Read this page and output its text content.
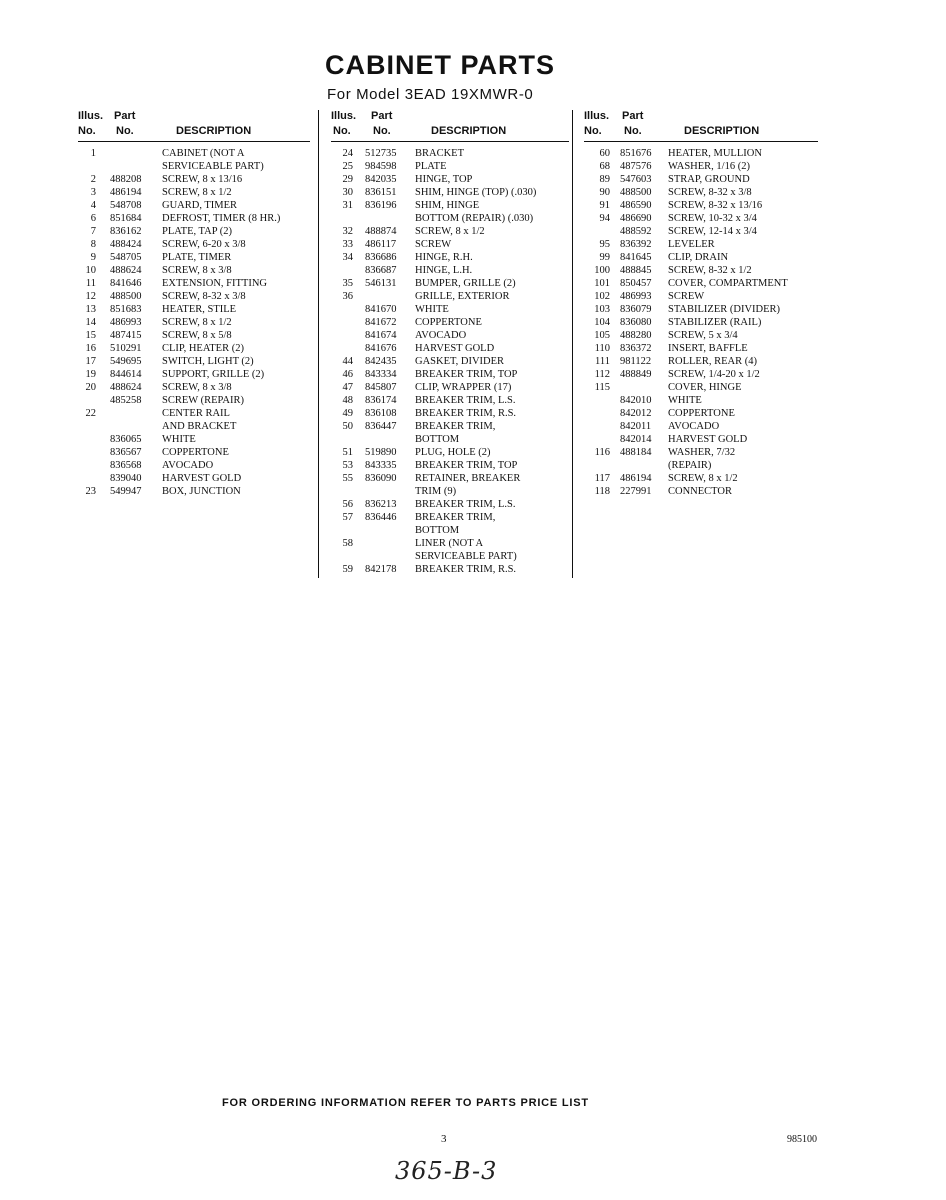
CABINET PARTS
For Model 3EAD 19XMWR-0
Illus. Part
No. No.	DESCRIPTION
1	CABINET (NOT A
SERVICEABLE PART)
2 488208 SCREW, 8 x 13/16
3 486194 SCREW, 8 x 1/2
4 548708 GUARD, TIMER
6 851684 DEFROST, TIMER (8 HR.)
7 836162 PLATE, TAP (2)
8 488424 SCREW, 6-20 x 3/8
9 548705 PLATE, TIMER
10 488624 SCREW, 8 x 3/8
11 841646 EXTENSION, FITTING
12 488500 SCREW, 8-32 x 3/8
13 851683 HEATER, STILE
14 486993 SCREW, 8 x 1/2
15 487415 SCREW, 8 x 5/8
16 510291 CLIP, HEATER (2)
17 549695 SWITCH, LIGHT (2)
19 844614 SUPPORT, GRILLE (2)
20 488624 SCREW, 8 x 3/8
485258 SCREW (REPAIR)
22	CENTER RAIL
AND BRACKET
836065 WHITE
836567 COPPERTONE
836568 AVOCADO
839040 HARVEST GOLD
23 549947 BOX, JUNCTION
Illus. Part
No. No.	DESCRIPTION
24 512735 BRACKET
25 984598 PLATE
29 842035 HINGE, TOP
30 836151 SHIM, HINGE (TOP) (.030)
31 836196 SHIM, HINGE
BOTTOM (REPAIR) (.030)
32 488874 SCREW, 8 x 1/2
33 486117 SCREW
34 836686 HINGE, R.H.
836687 HINGE, L.H.
35 546131 BUMPER, GRILLE (2)
36	GRILLE, EXTERIOR
841670 WHITE
841672 COPPERTONE
841674 AVOCADO
841676 HARVEST GOLD
44 842435 GASKET, DIVIDER
46 843334 BREAKER TRIM, TOP
47 845807 CLIP, WRAPPER (17)
48 836174 BREAKER TRIM, L.S.
49 836108 BREAKER TRIM, R.S.
50 836447 BREAKER TRIM,
BOTTOM
51 519890 PLUG, HOLE (2)
53 843335 BREAKER TRIM, TOP
55 836090 RETAINER, BREAKER
TRIM (9)
56 836213 BREAKER TRIM, L.S.
57 836446 BREAKER TRIM,
BOTTOM
58	LINER (NOT A
SERVICEABLE PART)
59 842178 BREAKER TRIM, R.S.
Illus. Part
No. No.	DESCRIPTION
60 851676 HEATER, MULLION
68 487576 WASHER, 1/16 (2)
89 547603 STRAP, GROUND
90 488500 SCREW, 8-32 x 3/8
91 486590 SCREW, 8-32 x 13/16
94 486690 SCREW, 10-32 x 3/4
488592 SCREW, 12-14 x 3/4
95 836392 LEVELER
99 841645 CLIP, DRAIN
100 488845 SCREW, 8-32 x 1/2
101 850457 COVER, COMPARTMENT
102 486993 SCREW
103 836079 STABILIZER (DIVIDER)
104 836080 STABILIZER (RAIL)
105 488280 SCREW, 5 x 3/4
110 836372 INSERT, BAFFLE
111 981122 ROLLER, REAR (4)
112 488849 SCREW, 1/4-20 x 1/2
115	COVER, HINGE
842010 WHITE
842012 COPPERTONE
842011 AVOCADO
842014 HARVEST GOLD
116 488184 WASHER, 7/32
(REPAIR)
117 486194 SCREW, 8 x 1/2
118 227991 CONNECTOR
FOR ORDERING INFORMATION REFER TO PARTS PRICE LIST
3	985100
365-B-3
